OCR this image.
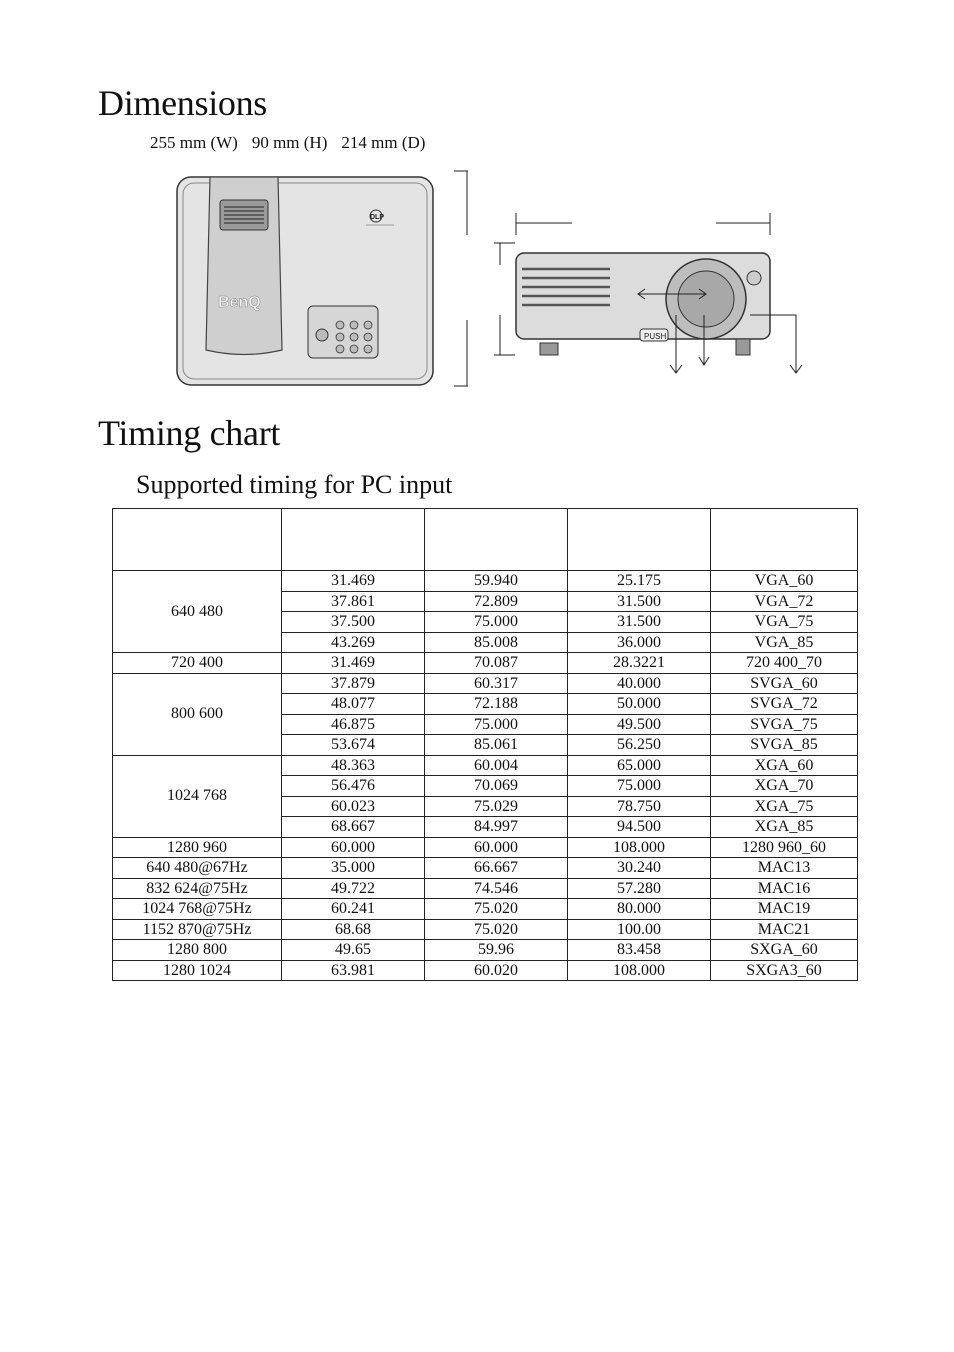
Dimensions
255 mm (W) 90 mm (H) 214 mm (D)
BenQ
DLP
PUSH
Timing chart
Supported timing for PC input

640 480	31.469	59.940	25.175	VGA_60
	37.861	72.809	31.500	VGA_72
	37.500	75.000	31.500	VGA_75
	43.269	85.008	36.000	VGA_85
720 400	31.469	70.087	28.3221	720 400_70
800 600	37.879	60.317	40.000	SVGA_60
	48.077	72.188	50.000	SVGA_72
	46.875	75.000	49.500	SVGA_75
	53.674	85.061	56.250	SVGA_85
1024 768	48.363	60.004	65.000	XGA_60
	56.476	70.069	75.000	XGA_70
	60.023	75.029	78.750	XGA_75
	68.667	84.997	94.500	XGA_85
1280 960	60.000	60.000	108.000	1280 960_60
640 480@67Hz	35.000	66.667	30.240	MAC13
832 624@75Hz	49.722	74.546	57.280	MAC16
1024 768@75Hz	60.241	75.020	80.000	MAC19
1152 870@75Hz	68.68	75.020	100.00	MAC21
1280 800	49.65	59.96	83.458	SXGA_60
1280 1024	63.981	60.020	108.000	SXGA3_60
